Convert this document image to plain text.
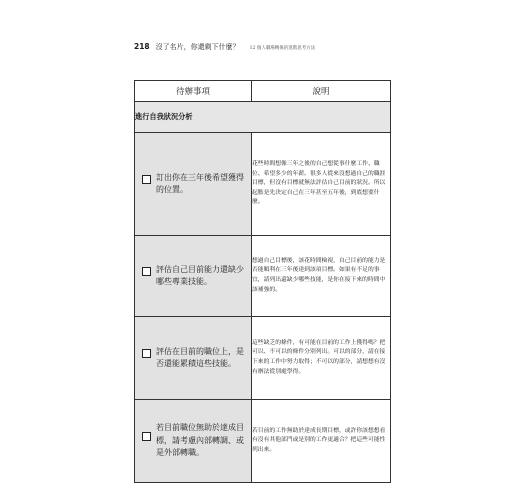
218 沒了名片，你還剩下什麼？ 12 個人職場轉換的進階思考方法
待辦事項	說明
進行自我狀況分析	

訂出你在三年後希望獲得的位置。	花些時間想像三年之後的自己想從事什麼工作、職位、希望多少的年薪。很多人從來沒想過自己的職涯目標，但沒有目標就無法評估自己目前的狀況。所以起點是先決定自己在三年甚至五年後，到底想要什麼。

評估自己目前能力還缺少哪些專業技能。	想過自己目標後，該花時間檢視，自己目前的能力是否能順利在三年後達到該項目標。如果有不足的事宜，請列出還缺少哪些技能，是你在接下來的時間中該補強的。

評估在目前的職位上，是否還能累積這些技能。	這些缺乏的條件，有可能在目前的工作上獲得嗎？把可以、不可以的條件分別列出。可以的部分，請在接下來的工作中努力取得；不可以的部分，請想想有沒有辦法從別處學得。

若目前職位無助於達成目標，請考慮內部轉調、或是外部轉職。	若目前的工作無助於達成長期目標，或許你該想想看有沒有其他部門或是別的工作更適合？把這些可能性列出來。
